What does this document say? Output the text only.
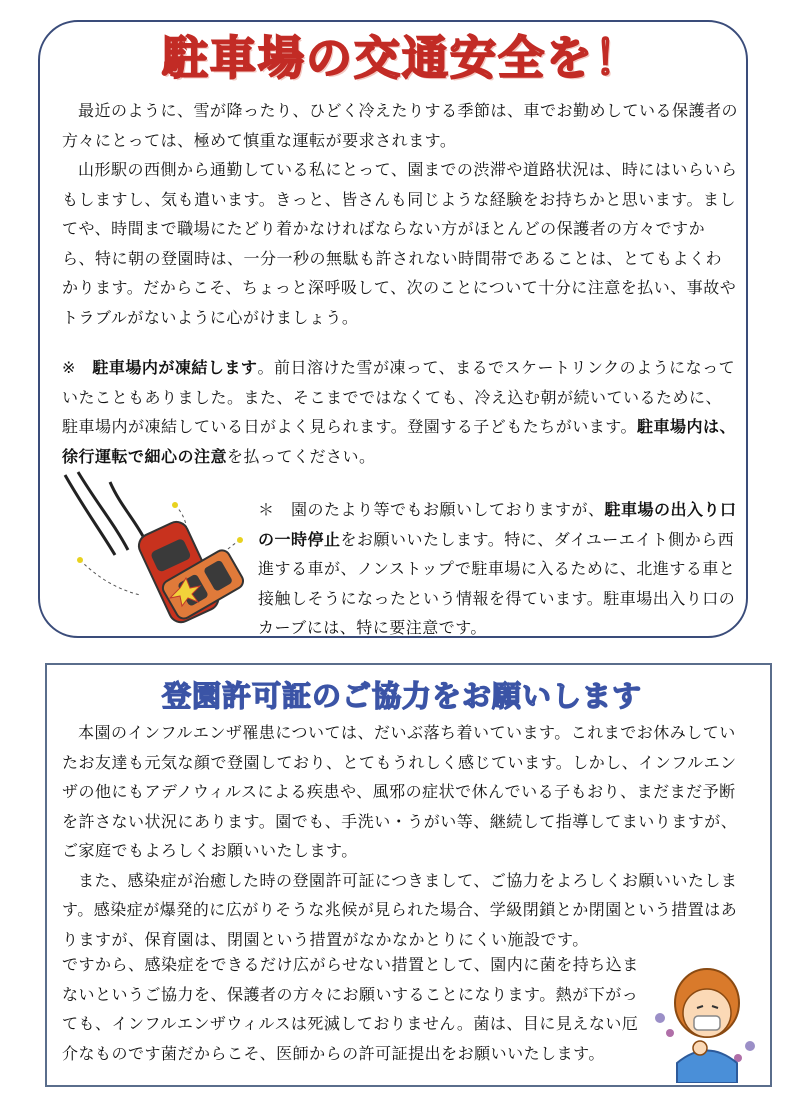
駐車場の交通安全を！

最近のように、雪が降ったり、ひどく冷えたりする季節は、車でお勤めしている保護者の方々にとっては、極めて慎重な運転が要求されます。

山形駅の西側から通勤している私にとって、園までの渋滞や道路状況は、時にはいらいらもしますし、気も遣います。きっと、皆さんも同じような経験をお持ちかと思います。ましてや、時間まで職場にたどり着かなければならない方がほとんどの保護者の方々ですから、特に朝の登園時は、一分一秒の無駄も許されない時間帯であることは、とてもよくわかります。だからこそ、ちょっと深呼吸して、次のことについて十分に注意を払い、事故やトラブルがないように心がけましょう。

※　 駐車場内が凍結します。前日溶けた雪が凍って、まるでスケートリンクのようになっていたこともありました。また、そこまでではなくても、冷え込む朝が続いているために、駐車場内が凍結している日がよく見られます。登園する子どもたちがいます。駐車場内は、徐行運転で細心の注意を払ってください。

＊　 園のたより等でもお願いしておりますが、駐車場の出入り口の一時停止をお願いいたします。特に、ダイユーエイト側から西進する車が、ノンストップで駐車場に入るために、北進する車と接触しそうになったという情報を得ています。駐車場出入り口のカーブには、特に要注意です。

登園許可証のご協力をお願いします

本園のインフルエンザ罹患については、だいぶ落ち着いています。これまでお休みしていたお友達も元気な顔で登園しており、とてもうれしく感じています。しかし、インフルエンザの他にもアデノウィルスによる疾患や、風邪の症状で休んでいる子もおり、まだまだ予断を許さない状況にあります。園でも、手洗い・うがい等、継続して指導してまいりますが、ご家庭でもよろしくお願いいたします。

また、感染症が治癒した時の登園許可証につきまして、ご協力をよろしくお願いいたします。感染症が爆発的に広がりそうな兆候が見られた場合、学級閉鎖とか閉園という措置はありますが、保育園は、閉園という措置がなかなかとりにくい施設です。

ですから、感染症をできるだけ広がらせない措置として、園内に菌を持ち込まないというご協力を、保護者の方々にお願いすることになります。熱が下がっても、インフルエンザウィルスは死滅しておりません。菌は、目に見えない厄介なものです菌だからこそ、医師からの許可証提出をお願いいたします。
